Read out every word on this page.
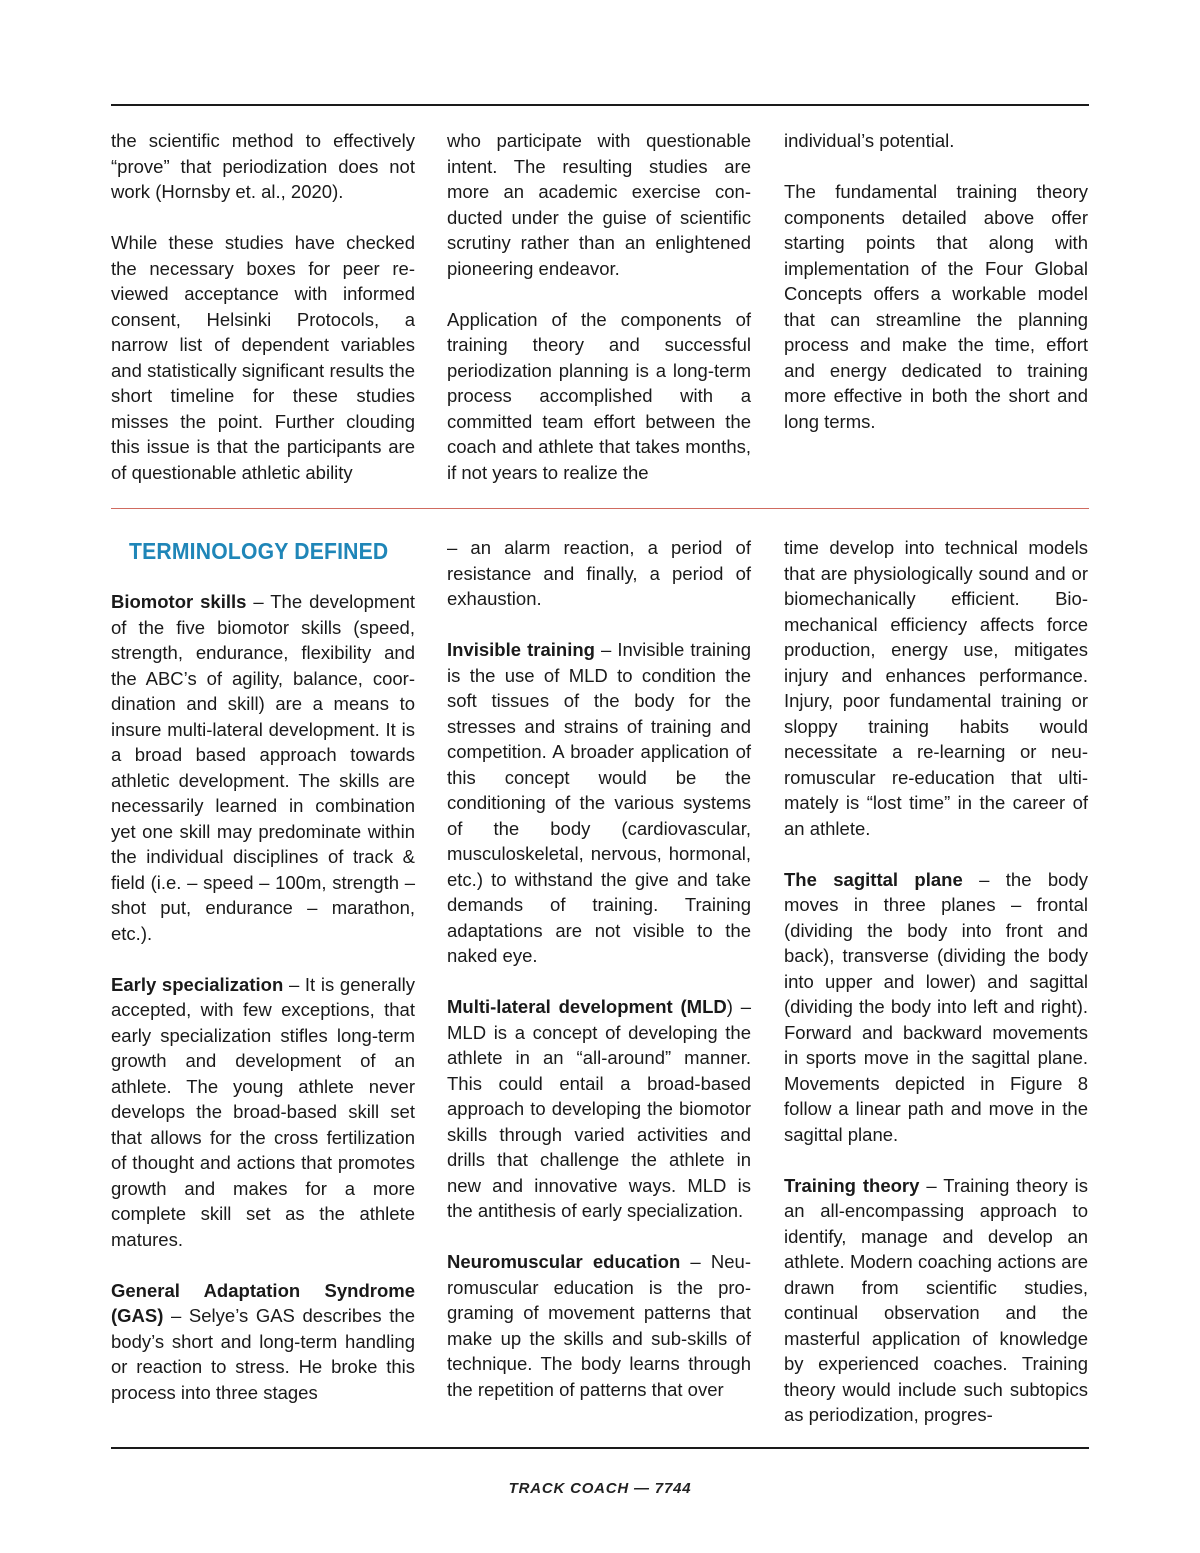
the scientific method to effectively “prove” that periodization does not work (Hornsby et. al., 2020).

While these studies have checked the necessary boxes for peer reviewed acceptance with informed consent, Helsinki Protocols, a narrow list of dependent variables and statistically significant results the short timeline for these studies misses the point. Further clouding this issue is that the participants are of questionable athletic ability

who participate with questionable intent. The resulting studies are more an academic exercise conducted under the guise of scientific scrutiny rather than an enlightened pioneering endeavor.

Application of the components of training theory and successful periodization planning is a long-term process accomplished with a committed team effort between the coach and athlete that takes months, if not years to realize the

individual’s potential.

The fundamental training theory components detailed above offer starting points that along with implementation of the Four Global Concepts offers a workable model that can streamline the planning process and make the time, effort and energy dedicated to training more effective in both the short and long terms.

TERMINOLOGY DEFINED

Biomotor skills – The development of the five biomotor skills (speed, strength, endurance, flexibility and the ABC’s of agility, balance, coordination and skill) are a means to insure multi-lateral development. It is a broad based approach towards athletic development. The skills are necessarily learned in combination yet one skill may predominate within the individual disciplines of track & field (i.e. – speed – 100m, strength – shot put, endurance – marathon, etc.).

Early specialization – It is generally accepted, with few exceptions, that early specialization stifles long-term growth and development of an athlete. The young athlete never develops the broad-based skill set that allows for the cross fertilization of thought and actions that promotes growth and makes for a more complete skill set as the athlete matures.

General Adaptation Syndrome (GAS) – Selye’s GAS describes the body’s short and long-term handling or reaction to stress. He broke this process into three stages

– an alarm reaction, a period of resistance and finally, a period of exhaustion.

Invisible training – Invisible training is the use of MLD to condition the soft tissues of the body for the stresses and strains of training and competition. A broader application of this concept would be the conditioning of the various systems of the body (cardiovascular, musculoskeletal, nervous, hormonal, etc.) to withstand the give and take demands of training. Training adaptations are not visible to the naked eye.

Multi-lateral development (MLD) – MLD is a concept of developing the athlete in an “all-around” manner. This could entail a broad-based approach to developing the biomotor skills through varied activities and drills that challenge the athlete in new and innovative ways. MLD is the antithesis of early specialization.

Neuromuscular education – Neuromuscular education is the programing of movement patterns that make up the skills and sub-skills of technique. The body learns through the repetition of patterns that over

time develop into technical models that are physiologically sound and or biomechanically efficient. Biomechanical efficiency affects force production, energy use, mitigates injury and enhances performance. Injury, poor fundamental training or sloppy training habits would necessitate a re-learning or neuromuscular re-education that ultimately is “lost time” in the career of an athlete.

The sagittal plane – the body moves in three planes – frontal (dividing the body into front and back), transverse (dividing the body into upper and lower) and sagittal (dividing the body into left and right). Forward and backward movements in sports move in the sagittal plane. Movements depicted in Figure 8 follow a linear path and move in the sagittal plane.

Training theory – Training theory is an all-encompassing approach to identify, manage and develop an athlete. Modern coaching actions are drawn from scientific studies, continual observation and the masterful application of knowledge by experienced coaches. Training theory would include such subtopics as periodization, progres-

TRACK COACH — 7744
